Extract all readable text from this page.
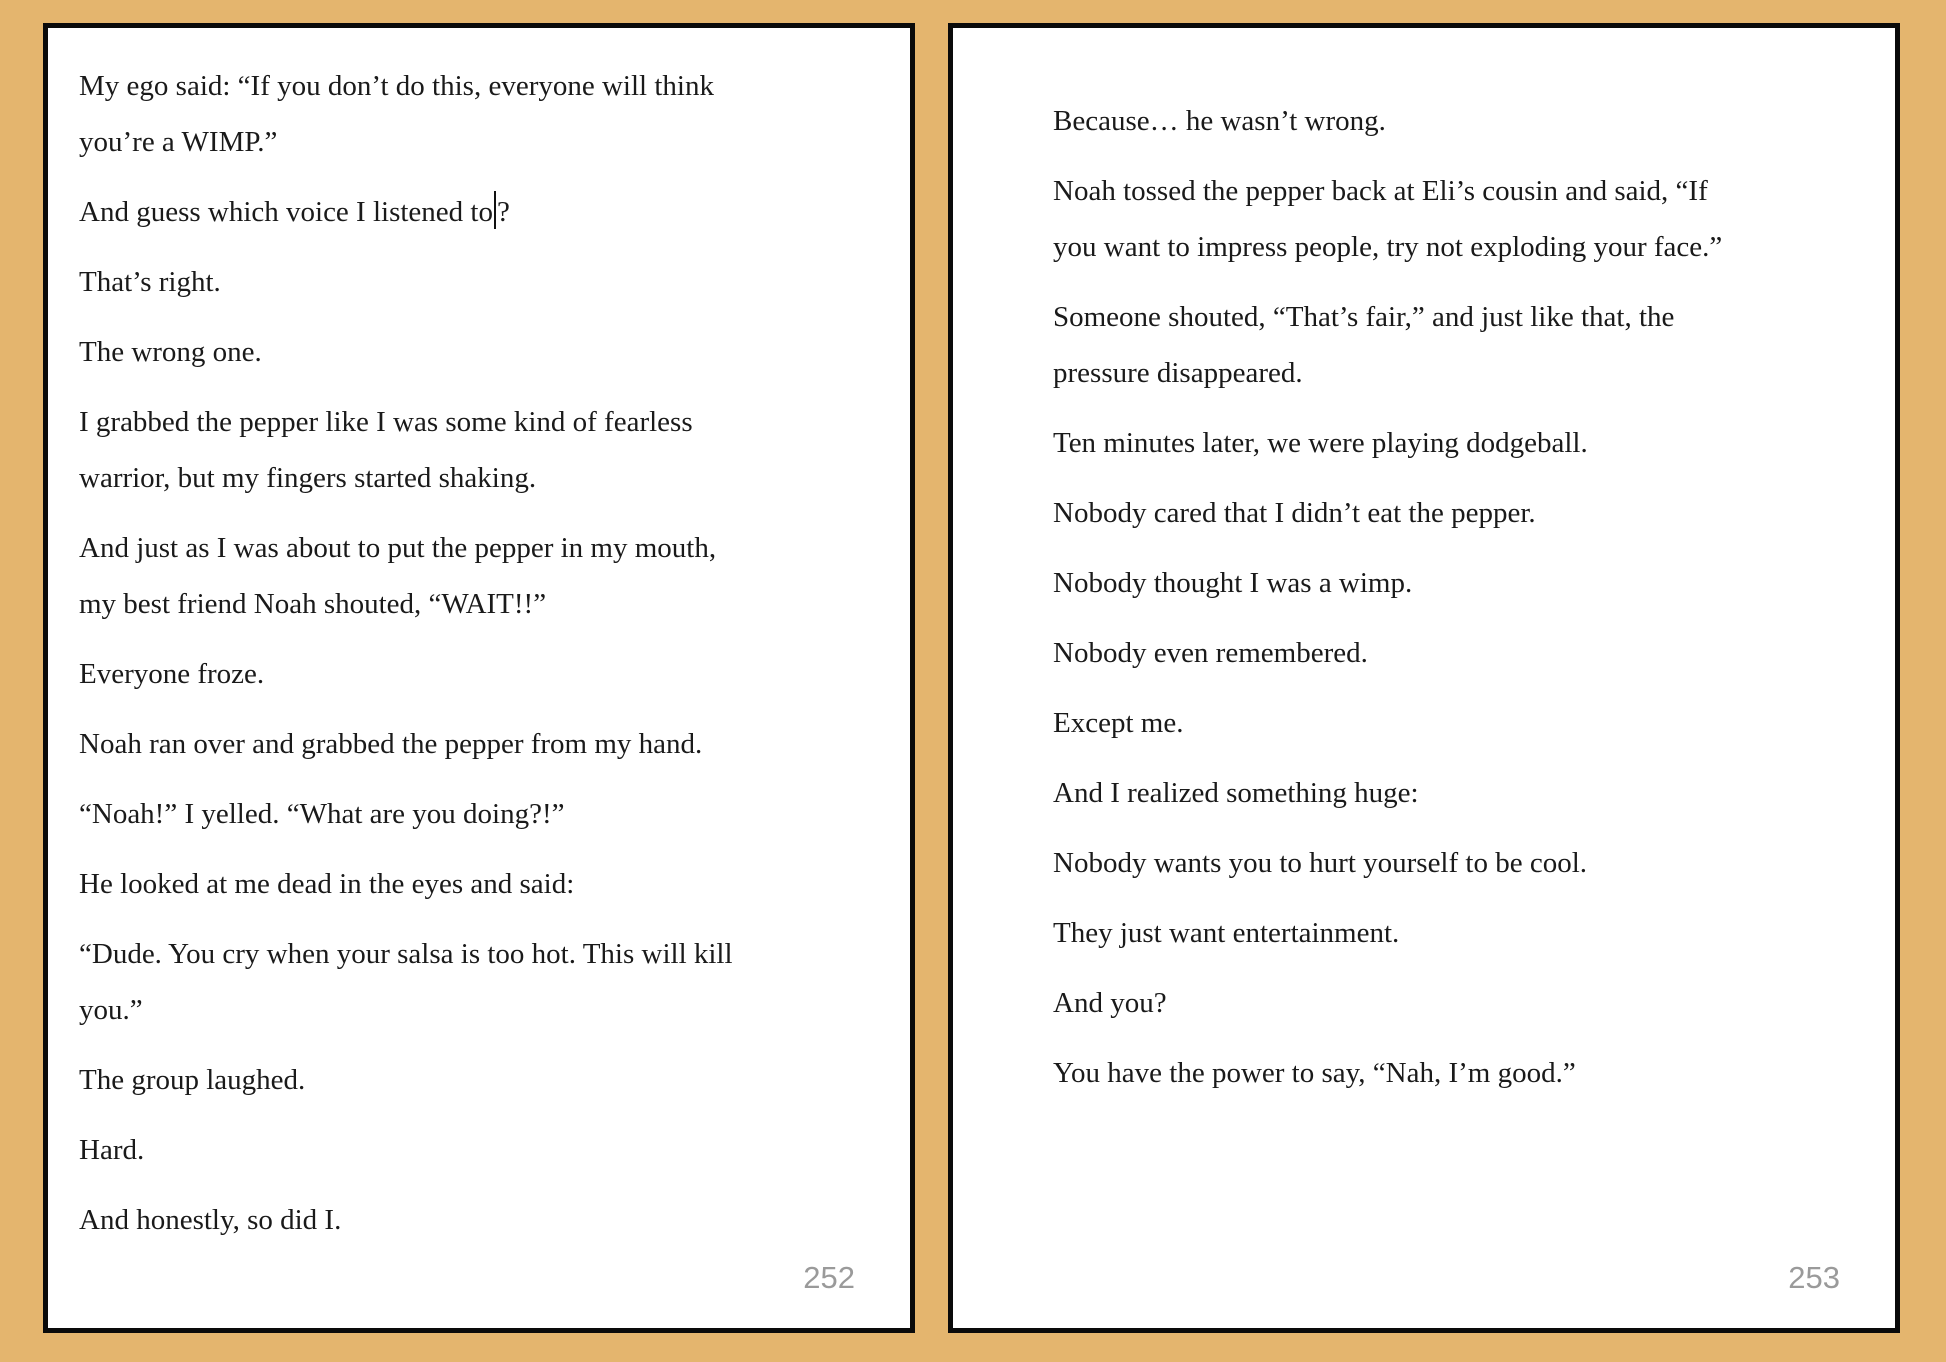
My ego said: “If you don’t do this, everyone will think
you’re a WIMP.”

And guess which voice I listened to ?

That’s right.

The wrong one.

I grabbed the pepper like I was some kind of fearless
warrior, but my fingers started shaking.

And just as I was about to put the pepper in my mouth,
my best friend Noah shouted, “WAIT!!”

Everyone froze.

Noah ran over and grabbed the pepper from my hand.

“Noah!” I yelled. “What are you doing?!”

He looked at me dead in the eyes and said:

“Dude. You cry when your salsa is too hot. This will kill
you.”

The group laughed.

Hard.

And honestly, so did I.

252

Because… he wasn’t wrong.

Noah tossed the pepper back at Eli’s cousin and said, “If
you want to impress people, try not exploding your face.”

Someone shouted, “That’s fair,” and just like that, the
pressure disappeared.

Ten minutes later, we were playing dodgeball.

Nobody cared that I didn’t eat the pepper.

Nobody thought I was a wimp.

Nobody even remembered.

Except me.

And I realized something huge:

Nobody wants you to hurt yourself to be cool.

They just want entertainment.

And you?

You have the power to say, “Nah, I’m good.”

253
